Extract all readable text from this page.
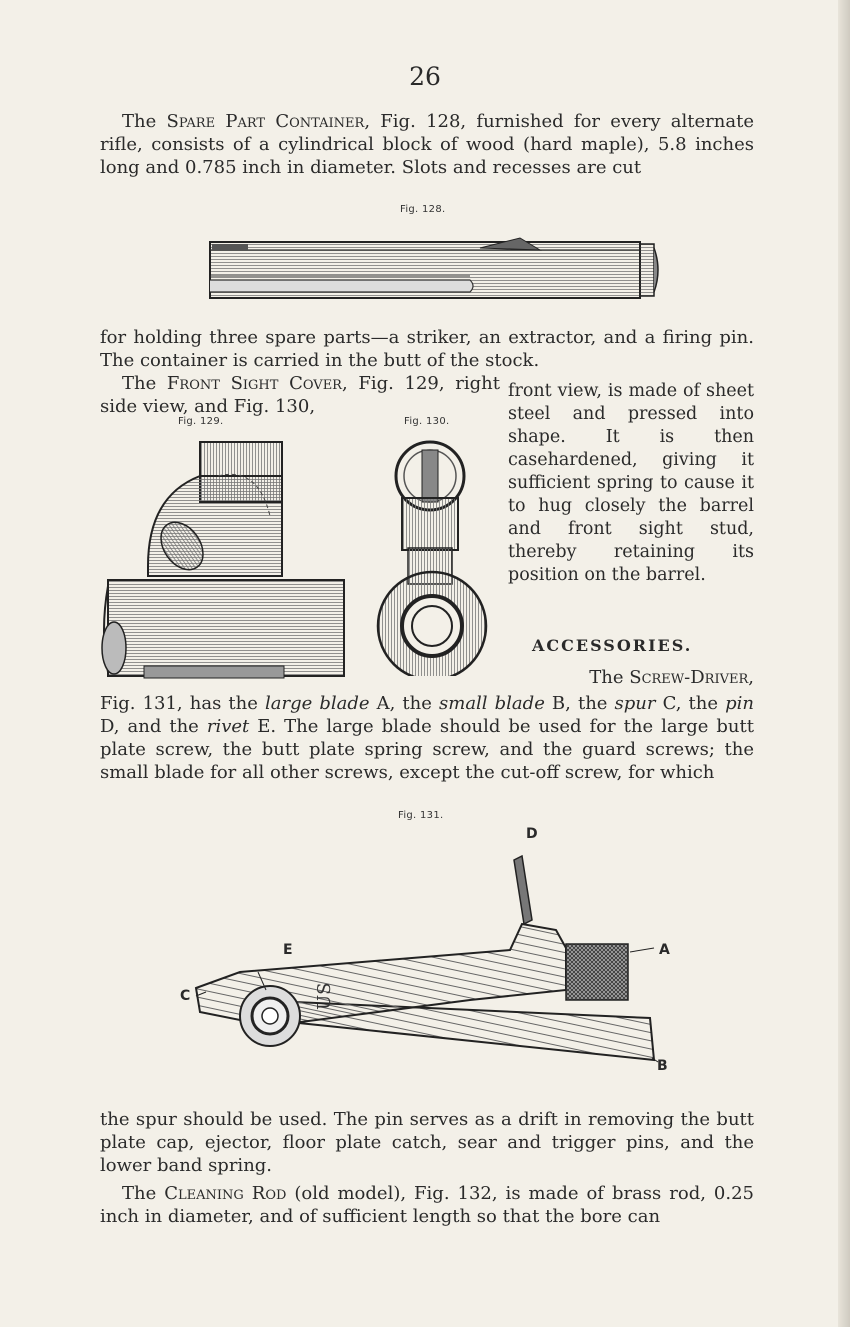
26

The Spare Part Container, Fig. 128, furnished for every alternate rifle, consists of a cylindrical block of wood (hard maple), 5.8 inches long and 0.785 inch in diameter. Slots and recesses are cut

Fig. 128.

for holding three spare parts—a striker, an extractor, and a firing pin. The container is carried in the butt of the stock.

The Front Sight Cover, Fig. 129, right side view, and Fig. 130,

Fig. 129.	Fig. 130.

front view, is made of sheet steel and pressed into shape. It is then casehardened, giving it sufficient spring to cause it to hug closely the barrel and front sight stud, thereby retaining its position on the barrel.

ACCESSORIES.

The Screw-Driver,

Fig. 131, has the large blade A, the small blade B, the spur C, the pin D, and the rivet E. The large blade should be used for the large butt plate screw, the butt plate spring screw, and the guard screws; the small blade for all other screws, except the cut-off screw, for which

Fig. 131.
US
D
E	A
C
B

the spur should be used. The pin serves as a drift in removing the butt plate cap, ejector, floor plate catch, sear and trigger pins, and the lower band spring.

The Cleaning Rod (old model), Fig. 132, is made of brass rod, 0.25 inch in diameter, and of sufficient length so that the bore can
